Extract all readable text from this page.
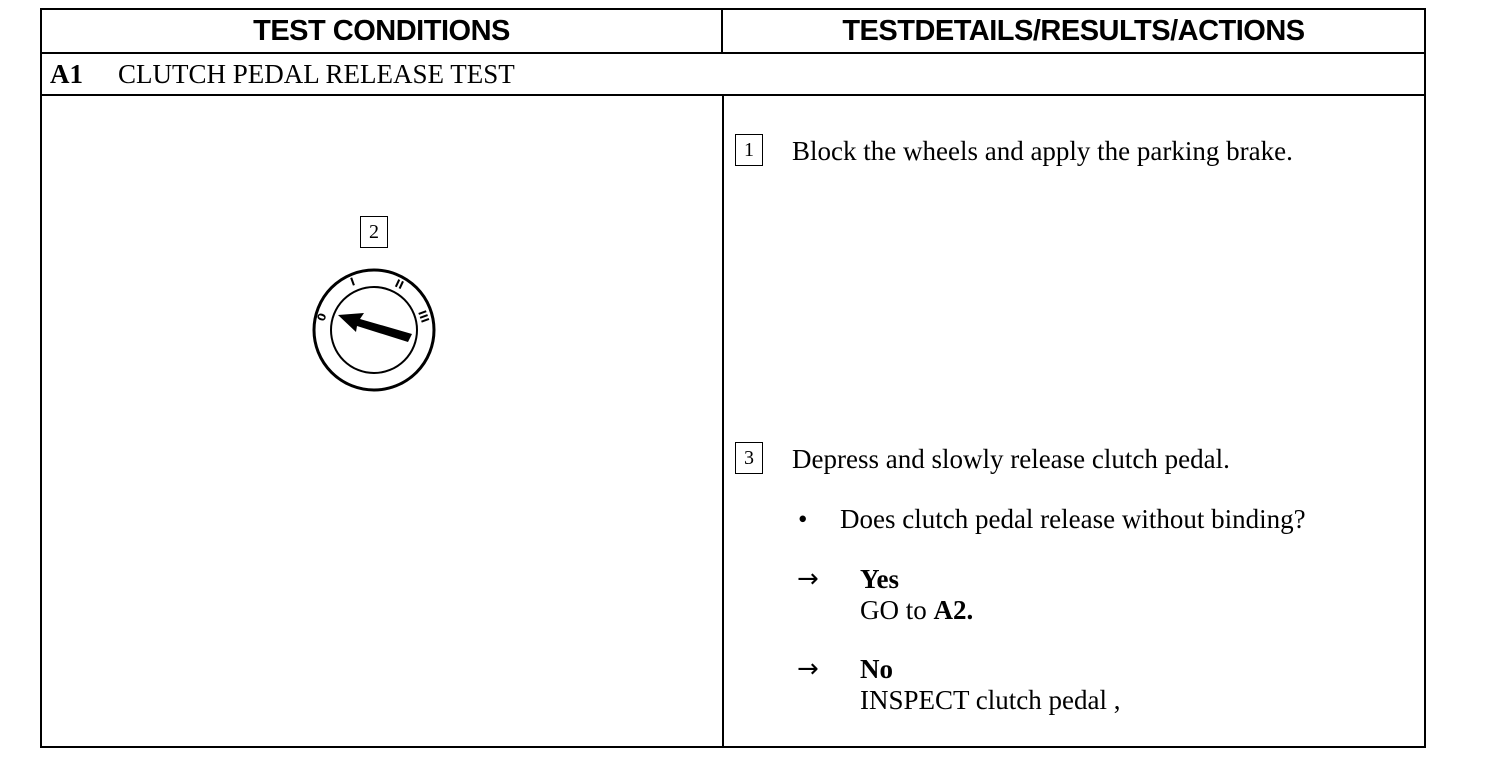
TEST CONDITIONS	TESTDETAILS/RESULTS/ACTIONS
A1 CLUTCH PEDAL RELEASE TEST
2
0
I	II
III
1	Block the wheels and apply the parking brake.
3	Depress and slowly release clutch pedal.
• Does clutch pedal release without binding?
→ Yes
GO to A2.
→ No
INSPECT clutch pedal ,
